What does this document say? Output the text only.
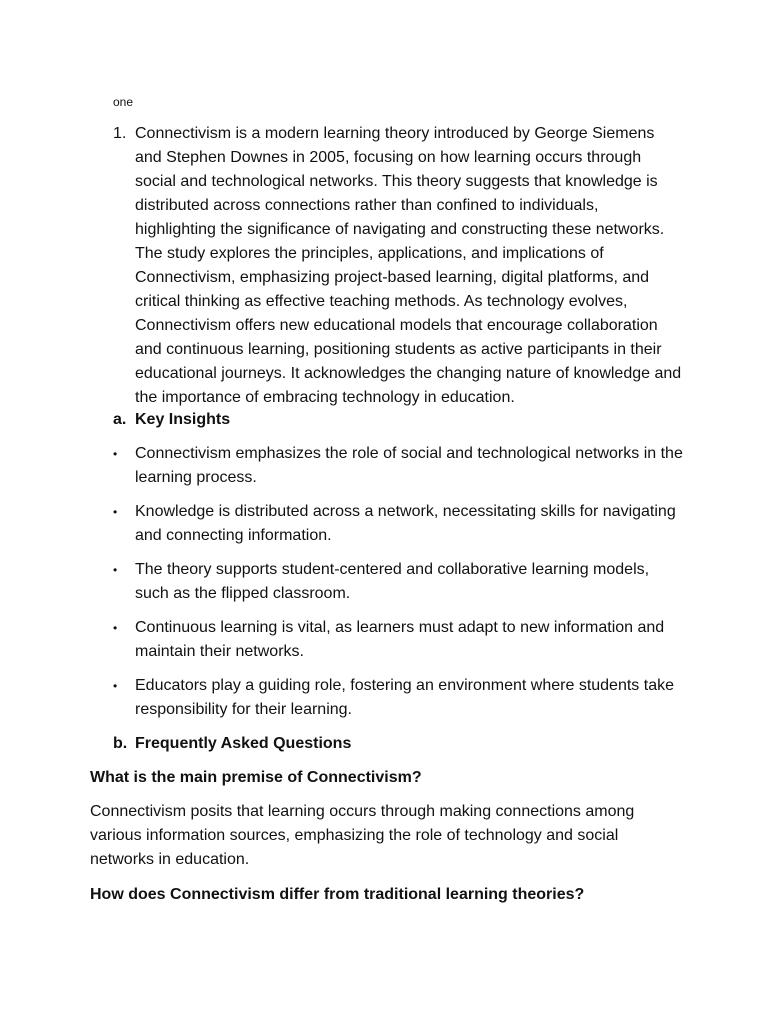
one
1. Connectivism is a modern learning theory introduced by George Siemens and Stephen Downes in 2005, focusing on how learning occurs through social and technological networks. This theory suggests that knowledge is distributed across connections rather than confined to individuals, highlighting the significance of navigating and constructing these networks. The study explores the principles, applications, and implications of Connectivism, emphasizing project-based learning, digital platforms, and critical thinking as effective teaching methods. As technology evolves, Connectivism offers new educational models that encourage collaboration and continuous learning, positioning students as active participants in their educational journeys. It acknowledges the changing nature of knowledge and the importance of embracing technology in education.
a. Key Insights
• Connectivism emphasizes the role of social and technological networks in the learning process.
• Knowledge is distributed across a network, necessitating skills for navigating and connecting information.
• The theory supports student-centered and collaborative learning models, such as the flipped classroom.
• Continuous learning is vital, as learners must adapt to new information and maintain their networks.
• Educators play a guiding role, fostering an environment where students take responsibility for their learning.
b. Frequently Asked Questions
What is the main premise of Connectivism?
Connectivism posits that learning occurs through making connections among various information sources, emphasizing the role of technology and social networks in education.
How does Connectivism differ from traditional learning theories?
